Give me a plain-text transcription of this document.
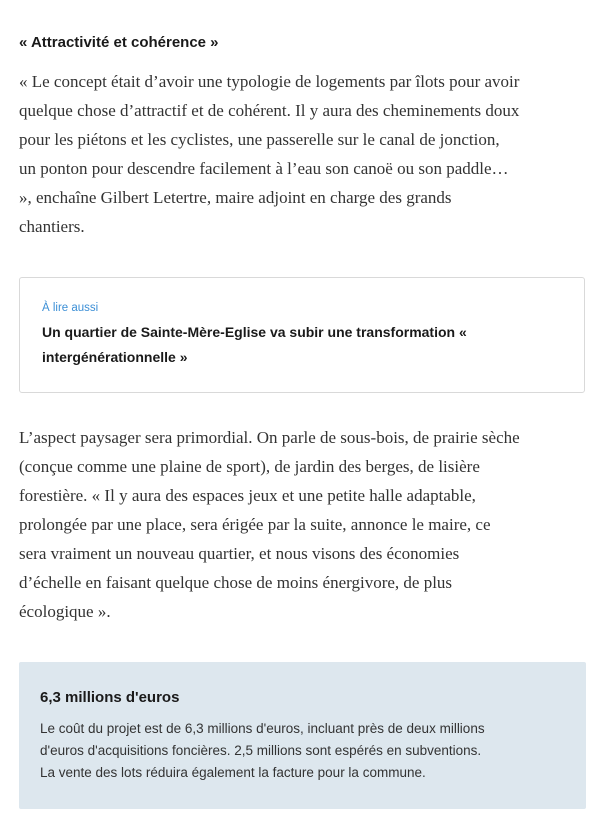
« Attractivité et cohérence »

« Le concept était d’avoir une typologie de logements par îlots pour avoir
quelque chose d’attractif et de cohérent. Il y aura des cheminements doux
pour les piétons et les cyclistes, une passerelle sur le canal de jonction,
un ponton pour descendre facilement à l’eau son canoë ou son paddle…
», enchaîne Gilbert Letertre, maire adjoint en charge des grands
chantiers.

À lire aussi
Un quartier de Sainte-Mère-Eglise va subir une transformation «
intergénérationnelle »

L’aspect paysager sera primordial. On parle de sous-bois, de prairie sèche
(conçue comme une plaine de sport), de jardin des berges, de lisière
forestière. « Il y aura des espaces jeux et une petite halle adaptable,
prolongée par une place, sera érigée par la suite, annonce le maire, ce
sera vraiment un nouveau quartier, et nous visons des économies
d’échelle en faisant quelque chose de moins énergivore, de plus
écologique ».

6,3 millions d'euros
Le coût du projet est de 6,3 millions d'euros, incluant près de deux millions
d'euros d'acquisitions foncières. 2,5 millions sont espérés en subventions.
La vente des lots réduira également la facture pour la commune.
